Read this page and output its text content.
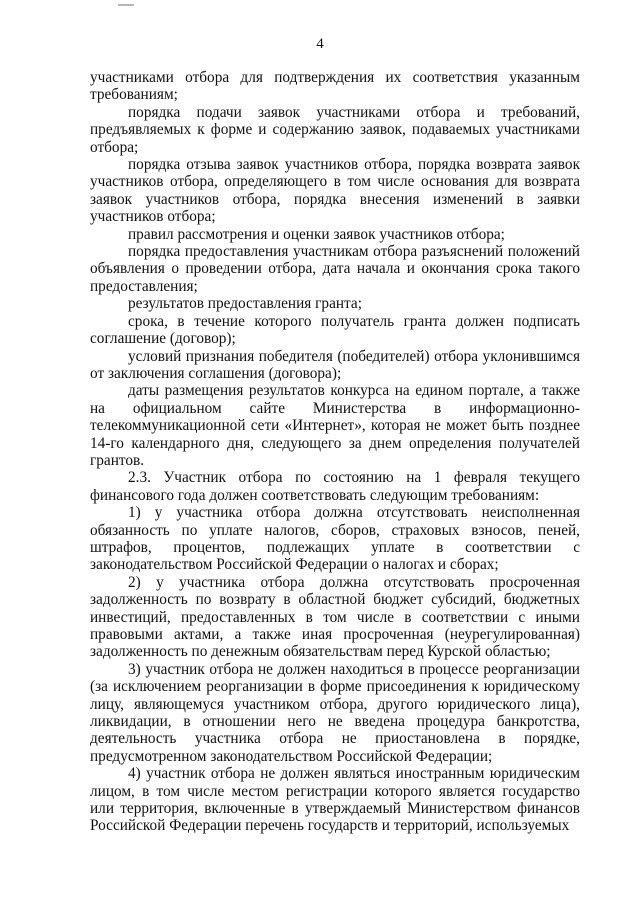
4

участниками отбора для подтверждения их соответствия указанным требованиям;

порядка подачи заявок участниками отбора и требований, предъявляемых к форме и содержанию заявок, подаваемых участниками отбора;

порядка отзыва заявок участников отбора, порядка возврата заявок участников отбора, определяющего в том числе основания для возврата заявок участников отбора, порядка внесения изменений в заявки участников отбора;

правил рассмотрения и оценки заявок участников отбора;

порядка предоставления участникам отбора разъяснений положений объявления о проведении отбора, дата начала и окончания срока такого предоставления;

результатов предоставления гранта;

срока, в течение которого получатель гранта должен подписать соглашение (договор);

условий признания победителя (победителей) отбора уклонившимся от заключения соглашения (договора);

даты размещения результатов конкурса на едином портале, а также на официальном сайте Министерства в информационно-телекоммуникационной сети «Интернет», которая не может быть позднее 14-го календарного дня, следующего за днем определения получателей грантов.

2.3. Участник отбора по состоянию на 1 февраля текущего финансового года должен соответствовать следующим требованиям:

1) у участника отбора должна отсутствовать неисполненная обязанность по уплате налогов, сборов, страховых взносов, пеней, штрафов, процентов, подлежащих уплате в соответствии с законодательством Российской Федерации о налогах и сборах;

2) у участника отбора должна отсутствовать просроченная задолженность по возврату в областной бюджет субсидий, бюджетных инвестиций, предоставленных в том числе в соответствии с иными правовыми актами, а также иная просроченная (неурегулированная) задолженность по денежным обязательствам перед Курской областью;

3) участник отбора не должен находиться в процессе реорганизации (за исключением реорганизации в форме присоединения к юридическому лицу, являющемуся участником отбора, другого юридического лица), ликвидации, в отношении него не введена процедура банкротства, деятельность участника отбора не приостановлена в порядке, предусмотренном законодательством Российской Федерации;

4) участник отбора не должен являться иностранным юридическим лицом, в том числе местом регистрации которого является государство или территория, включенные в утверждаемый Министерством финансов Российской Федерации перечень государств и территорий, используемых
